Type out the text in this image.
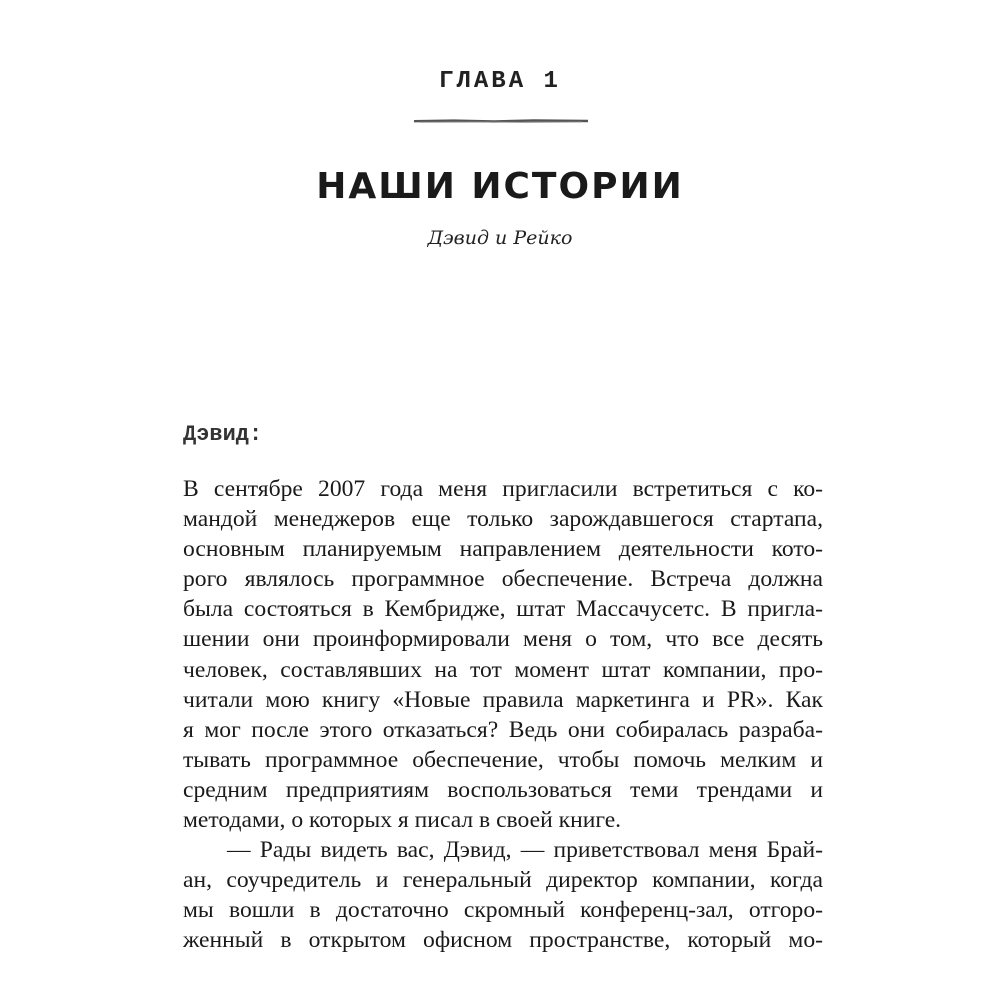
ГЛАВА 1
НАШИ ИСТОРИИ
Дэвид и Рейко
Дэвид:
В сентябре 2007 года меня пригласили встретиться с ко-
мандой менеджеров еще только зарождавшегося стартапа,
основным планируемым направлением деятельности кото-
рого являлось программное обеспечение. Встреча должна
была состояться в Кембридже, штат Массачусетс. В пригла-
шении они проинформировали меня о том, что все десять
человек, составлявших на тот момент штат компании, про-
читали мою книгу «Новые правила маркетинга и PR». Как
я мог после этого отказаться? Ведь они собиралась разраба-
тывать программное обеспечение, чтобы помочь мелким и
средним предприятиям воспользоваться теми трендами и
методами, о которых я писал в своей книге.
— Рады видеть вас, Дэвид, — приветствовал меня Брай-
ан, соучредитель и генеральный директор компании, когда
мы вошли в достаточно скромный конференц-зал, отгоро-
женный в открытом офисном пространстве, который мо-
